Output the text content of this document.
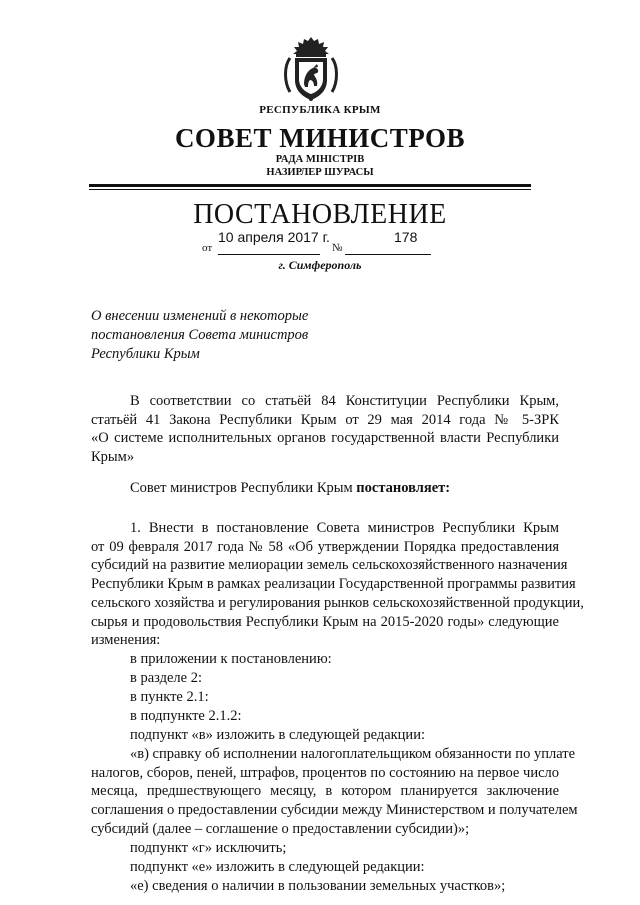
РЕСПУБЛИКА КРЫМ
СОВЕТ МИНИСТРОВ
РАДА МІНІСТРІВ
НАЗИРЛЕР ШУРАСЫ
ПОСТАНОВЛЕНИЕ
от
10 апреля 2017 г.
№
178
г. Симферополь
О внесении изменений в некоторые
постановления Совета министров
Республики Крым
В соответствии со статьёй 84 Конституции Республики Крым,
статьёй 41 Закона Республики Крым от 29 мая 2014 года № 5-ЗРК
«О системе исполнительных органов государственной власти Республики
Крым»
Совет министров Республики Крым постановляет:
1. Внести в постановление Совета министров Республики Крым
от 09 февраля 2017 года № 58 «Об утверждении Порядка предоставления
субсидий на развитие мелиорации земель сельскохозяйственного назначения
Республики Крым в рамках реализации Государственной программы развития
сельского хозяйства и регулирования рынков сельскохозяйственной продукции,
сырья и продовольствия Республики Крым на 2015-2020 годы» следующие
изменения:
в приложении к постановлению:
в разделе 2:
в пункте 2.1:
в подпункте 2.1.2:
подпункт «в» изложить в следующей редакции:
«в) справку об исполнении налогоплательщиком обязанности по уплате
налогов, сборов, пеней, штрафов, процентов по состоянию на первое число
месяца, предшествующего месяцу, в котором планируется заключение
соглашения о предоставлении субсидии между Министерством и получателем
субсидий (далее – соглашение о предоставлении субсидии)»;
подпункт «г» исключить;
подпункт «е» изложить в следующей редакции:
«е) сведения о наличии в пользовании земельных участков»;
